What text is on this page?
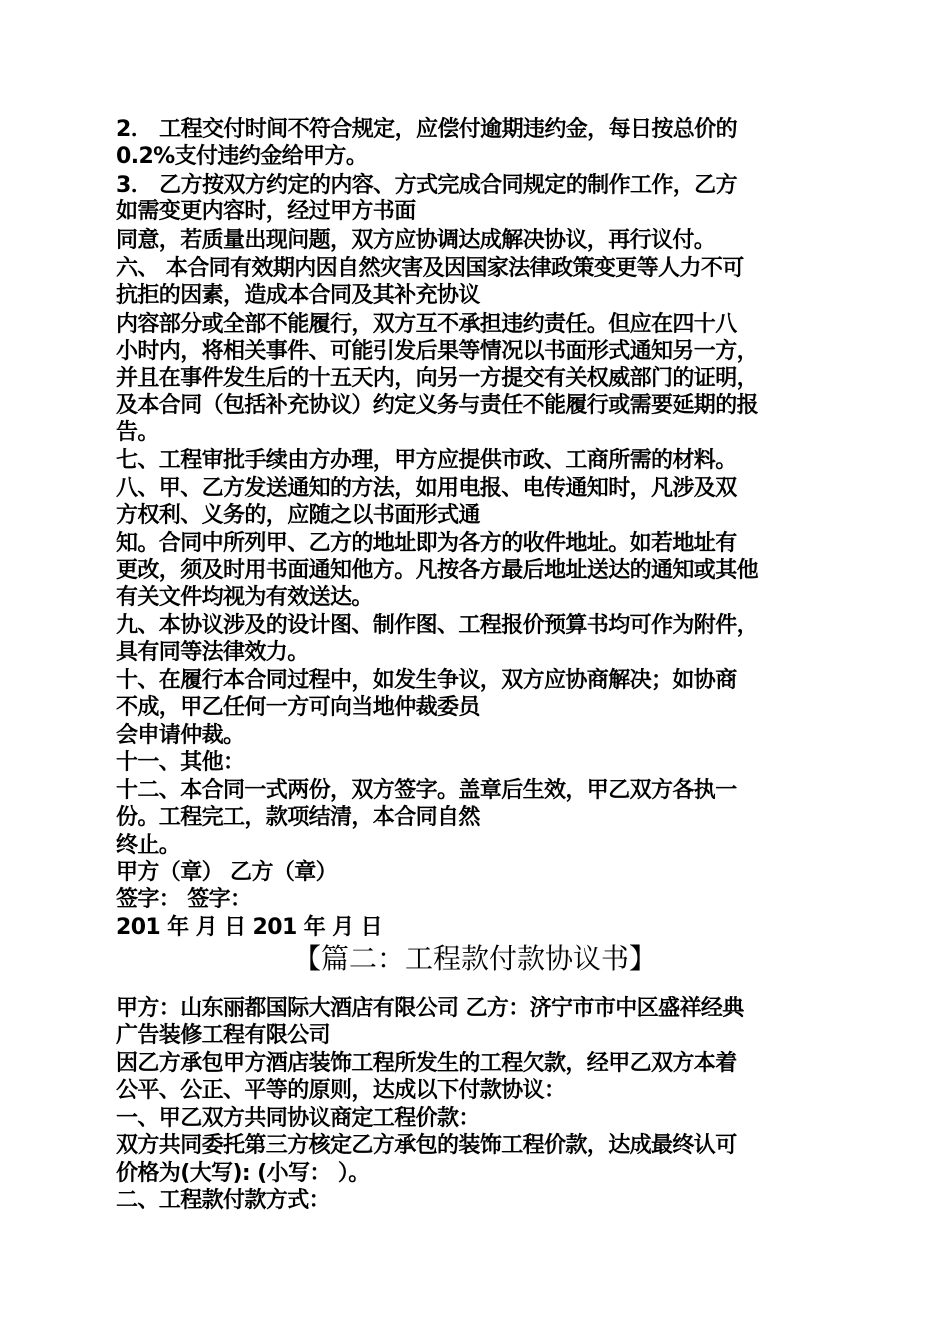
2． 工程交付时间不符合规定，应偿付逾期违约金，每日按总价的
0.2%支付违约金给甲方。
3． 乙方按双方约定的内容、方式完成合同规定的制作工作，乙方
如需变更内容时，经过甲方书面
同意，若质量出现问题，双方应协调达成解决协议，再行议付。
六、 本合同有效期内因自然灾害及因国家法律政策变更等人力不可
抗拒的因素，造成本合同及其补充协议
内容部分或全部不能履行，双方互不承担违约责任。但应在四十八
小时内，将相关事件、可能引发后果等情况以书面形式通知另一方，
并且在事件发生后的十五天内，向另一方提交有关权威部门的证明，
及本合同（包括补充协议）约定义务与责任不能履行或需要延期的报
告。
七、工程审批手续由方办理，甲方应提供市政、工商所需的材料。
八、甲、乙方发送通知的方法，如用电报、电传通知时，凡涉及双
方权利、义务的，应随之以书面形式通
知。合同中所列甲、乙方的地址即为各方的收件地址。如若地址有
更改，须及时用书面通知他方。凡按各方最后地址送达的通知或其他
有关文件均视为有效送达。
九、本协议涉及的设计图、制作图、工程报价预算书均可作为附件，
具有同等法律效力。
十、在履行本合同过程中，如发生争议，双方应协商解决；如协商
不成，甲乙任何一方可向当地仲裁委员
会申请仲裁。
十一、其他：
十二、本合同一式两份，双方签字。盖章后生效，甲乙双方各执一
份。工程完工，款项结清，本合同自然
终止。
甲方（章） 乙方（章）
签字： 签字：
201 年 月 日 201 年 月 日
【篇二：工程款付款协议书】
甲方：山东丽都国际大酒店有限公司 乙方：济宁市市中区盛祥经典
广告装修工程有限公司
因乙方承包甲方酒店装饰工程所发生的工程欠款，经甲乙双方本着
公平、公正、平等的原则，达成以下付款协议：
一、甲乙双方共同协议商定工程价款：
双方共同委托第三方核定乙方承包的装饰工程价款，达成最终认可
价格为(大写): (小写： ）。
二、工程款付款方式：
